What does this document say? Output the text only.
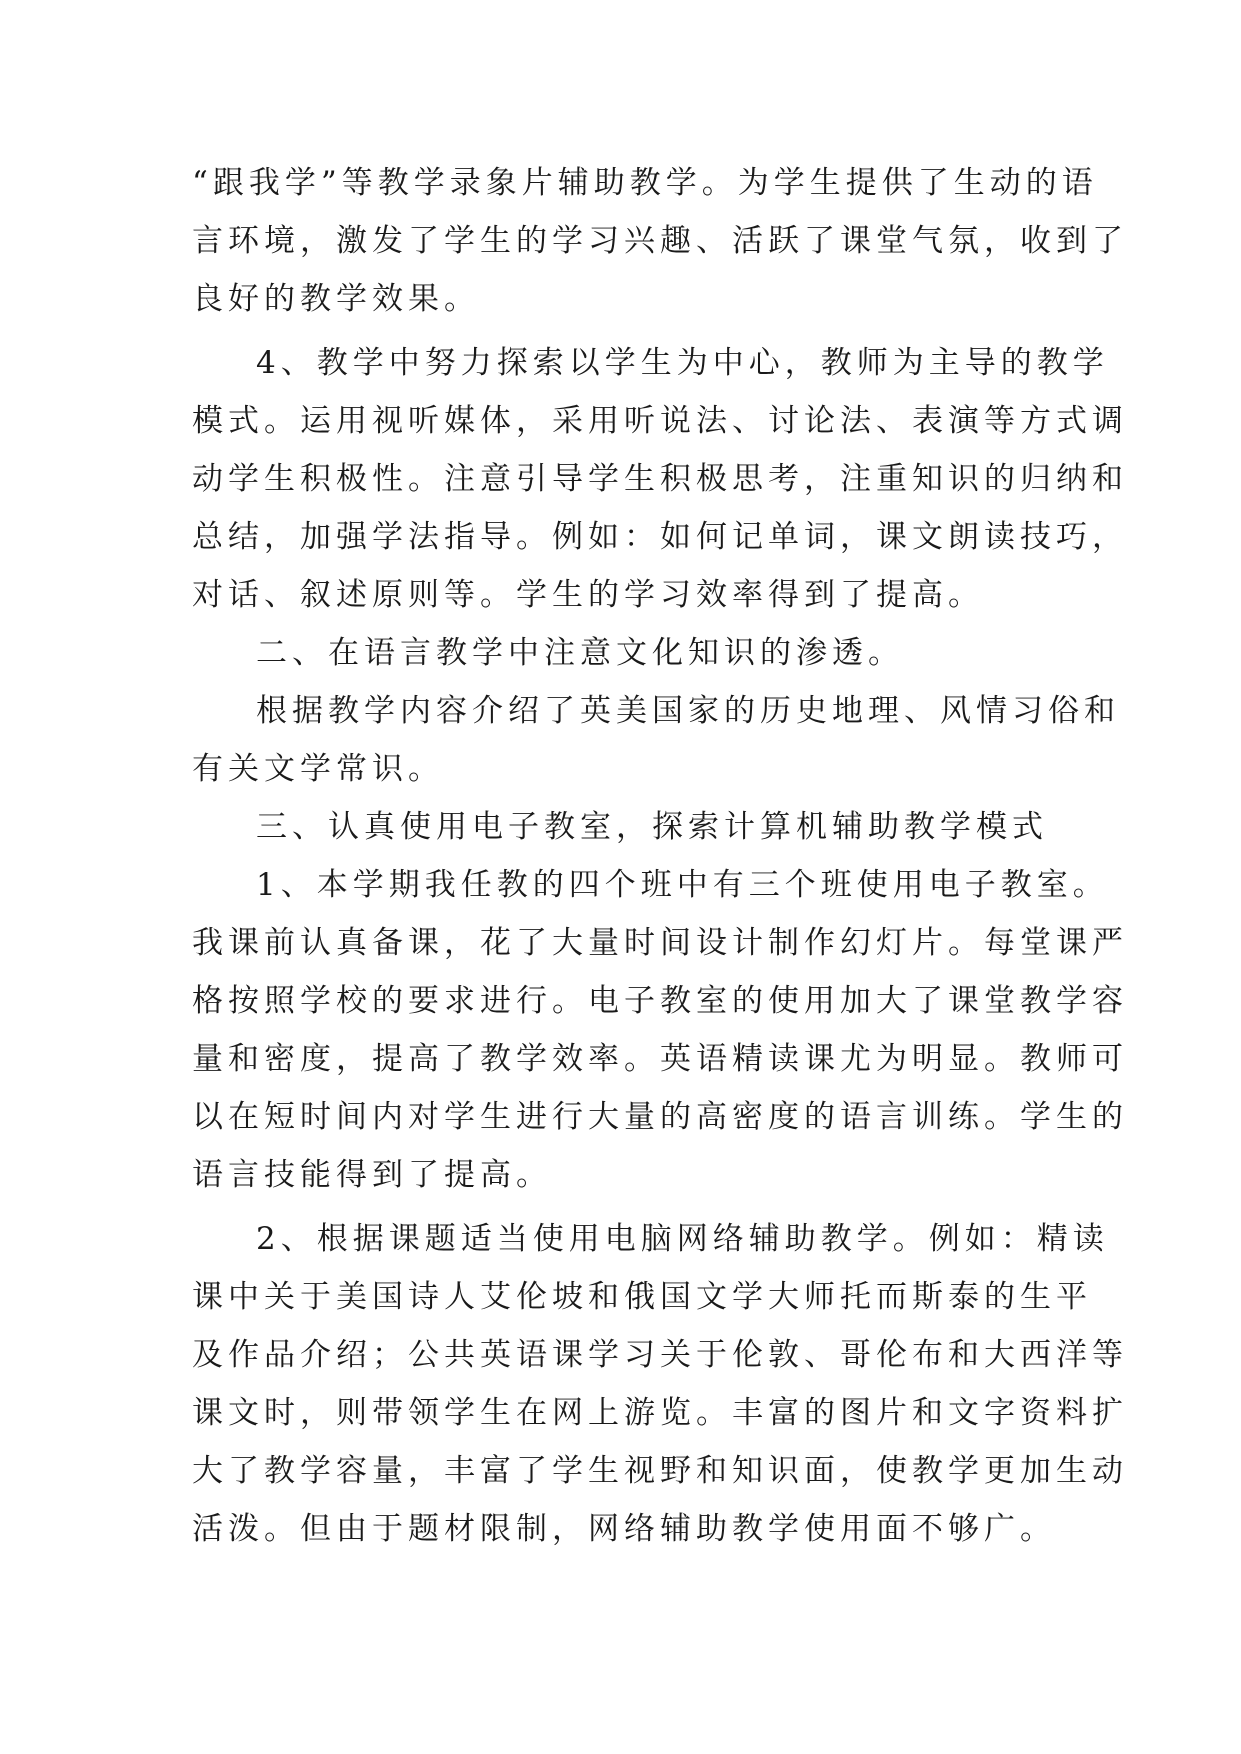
“跟我学”等教学录象片辅助教学。为学生提供了生动的语
言环境，激发了学生的学习兴趣、活跃了课堂气氛，收到了
良好的教学效果。
4、教学中努力探索以学生为中心，教师为主导的教学
模式。运用视听媒体，采用听说法、讨论法、表演等方式调
动学生积极性。注意引导学生积极思考，注重知识的归纳和
总结，加强学法指导。例如：如何记单词，课文朗读技巧，
对话、叙述原则等。学生的学习效率得到了提高。
二、在语言教学中注意文化知识的渗透。
根据教学内容介绍了英美国家的历史地理、风情习俗和
有关文学常识。
三、认真使用电子教室，探索计算机辅助教学模式
1、本学期我任教的四个班中有三个班使用电子教室。
我课前认真备课，花了大量时间设计制作幻灯片。每堂课严
格按照学校的要求进行。电子教室的使用加大了课堂教学容
量和密度，提高了教学效率。英语精读课尤为明显。教师可
以在短时间内对学生进行大量的高密度的语言训练。学生的
语言技能得到了提高。
2、根据课题适当使用电脑网络辅助教学。例如：精读
课中关于美国诗人艾伦坡和俄国文学大师托而斯泰的生平
及作品介绍；公共英语课学习关于伦敦、哥伦布和大西洋等
课文时，则带领学生在网上游览。丰富的图片和文字资料扩
大了教学容量，丰富了学生视野和知识面，使教学更加生动
活泼。但由于题材限制，网络辅助教学使用面不够广。
